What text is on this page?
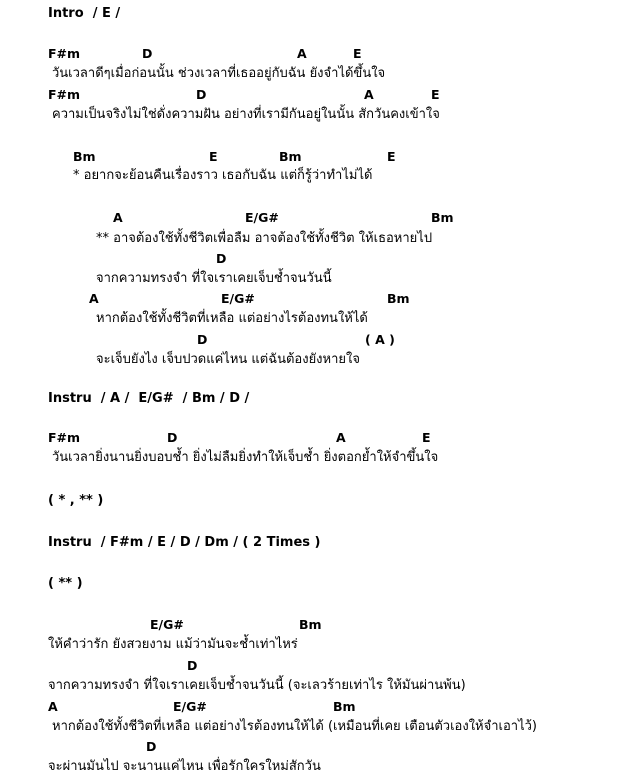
Intro  / E /
F#m	D	A	E
วันเวลาดีๆเมื่อก่อนนั้น ช่วงเวลาที่เธออยู่กับฉัน ยังจำได้ขึ้นใจ
F#m	D	A	E
ความเป็นจริงไม่ใช่ดั่งความฝัน อย่างที่เรามีกันอยู่ในนั้น สักวันคงเข้าใจ
Bm	E	Bm	E
* อยากจะย้อนคืนเรื่องราว เธอกับฉัน แต่ก็รู้ว่าทำไม่ได้
A	E/G#	Bm
** อาจต้องใช้ทั้งชีวิตเพื่อลืม อาจต้องใช้ทั้งชีวิต ให้เธอหายไป
D
จากความทรงจำ ที่ใจเราเคยเจ็บช้ำจนวันนี้
A	E/G#	Bm
หากต้องใช้ทั้งชีวิตที่เหลือ แต่อย่างไรต้องทนให้ได้
D	( A )
จะเจ็บยังไง เจ็บปวดแค่ไหน แต่ฉันต้องยังหายใจ
Instru  / A /  E/G#  / Bm / D /
F#m	D	A	E
วันเวลายิ่งนานยิ่งบอบช้ำ ยิ่งไม่ลืมยิ่งทำให้เจ็บช้ำ ยิ่งตอกย้ำให้จำขึ้นใจ
( * , ** )
Instru  / F#m / E / D / Dm / ( 2 Times )
( ** )
E/G#	Bm
ให้คำว่ารัก ยังสวยงาม แม้ว่ามันจะช้ำเท่าไหร่
D
จากความทรงจำ ที่ใจเราเคยเจ็บช้ำจนวันนี้ (จะเลวร้ายเท่าไร ให้มันผ่านพ้น)
A	E/G#	Bm
หากต้องใช้ทั้งชีวิตที่เหลือ แต่อย่างไรต้องทนให้ได้ (เหมือนที่เคย เตือนตัวเองให้จำเอาไว้)
D
จะผ่านมันไป จะนานแค่ไหน เพื่อรักใครใหม่สักวัน
